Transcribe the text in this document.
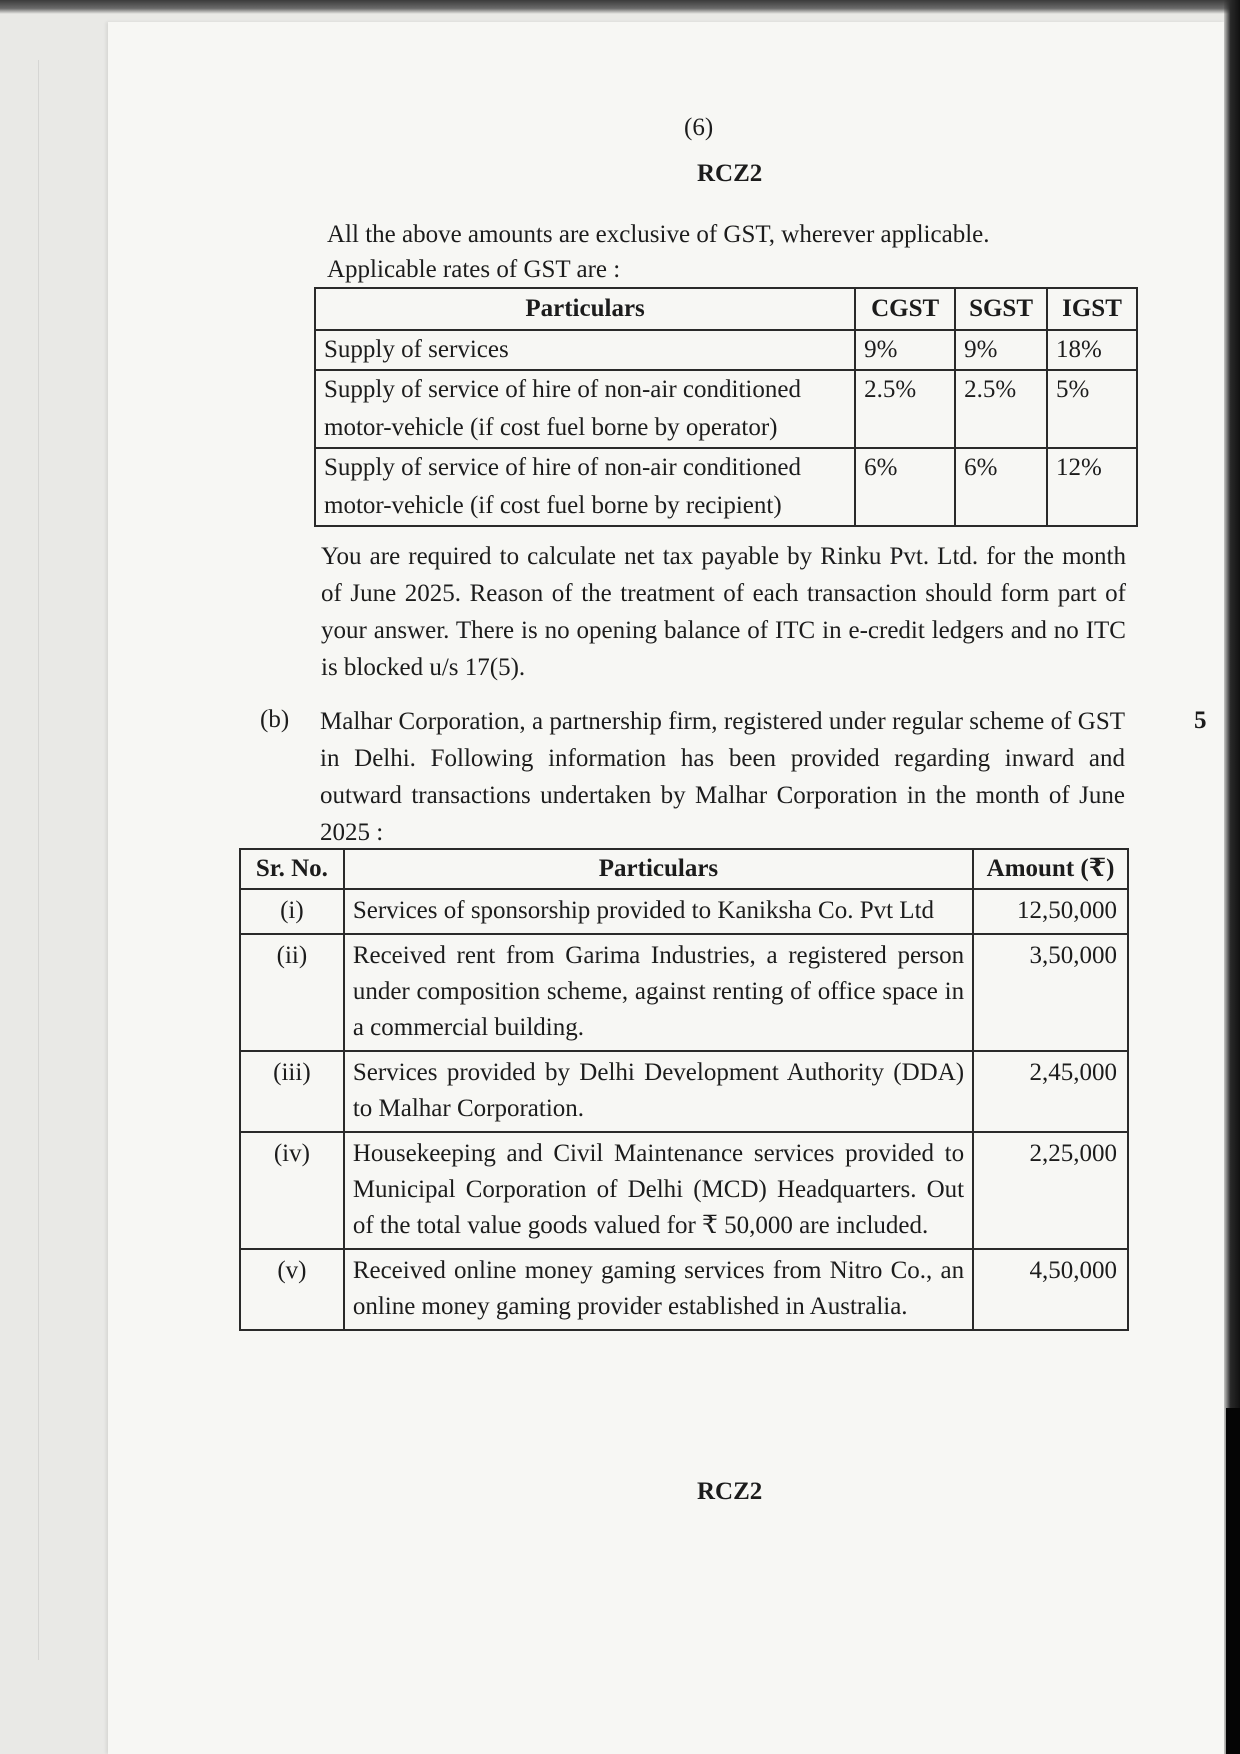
All the above amounts are exclusive of GST, wherever applicable.
Applicable rates of GST are :
Particulars	CGST	SGST	IGST
Supply of services	9%	9%	18%
Supply of service of hire of non-air conditioned motor-vehicle (if cost fuel borne by operator)	2.5%	2.5%	5%
Supply of service of hire of non-air conditioned motor-vehicle (if cost fuel borne by recipient)	6%	6%	12%

You are required to calculate net tax payable by Rinku Pvt. Ltd. for the month of June 2025. Reason of the treatment of each transaction should form part of your answer. There is no opening balance of ITC in e-credit ledgers and no ITC is blocked u/s 17(5).

(b) Malhar Corporation, a partnership firm, registered under regular scheme of GST in Delhi. Following information has been provided regarding inward and outward transactions undertaken by Malhar Corporation in the month of June 2025 :

5
Sr. No.	Particulars	Amount (₹)
(i)	Services of sponsorship provided to Kaniksha Co. Pvt Ltd	12,50,000
(ii)	Received rent from Garima Industries, a registered person under composition scheme, against renting of office space in a commercial building.	3,50,000
(iii)	Services provided by Delhi Development Authority (DDA) to Malhar Corporation.	2,45,000
(iv)	Housekeeping and Civil Maintenance services provided to Municipal Corporation of Delhi (MCD) Headquarters. Out of the total value goods valued for ₹ 50,000 are included.	2,25,000
(v)	Received online money gaming services from Nitro Co., an online money gaming provider established in Australia.	4,50,000
